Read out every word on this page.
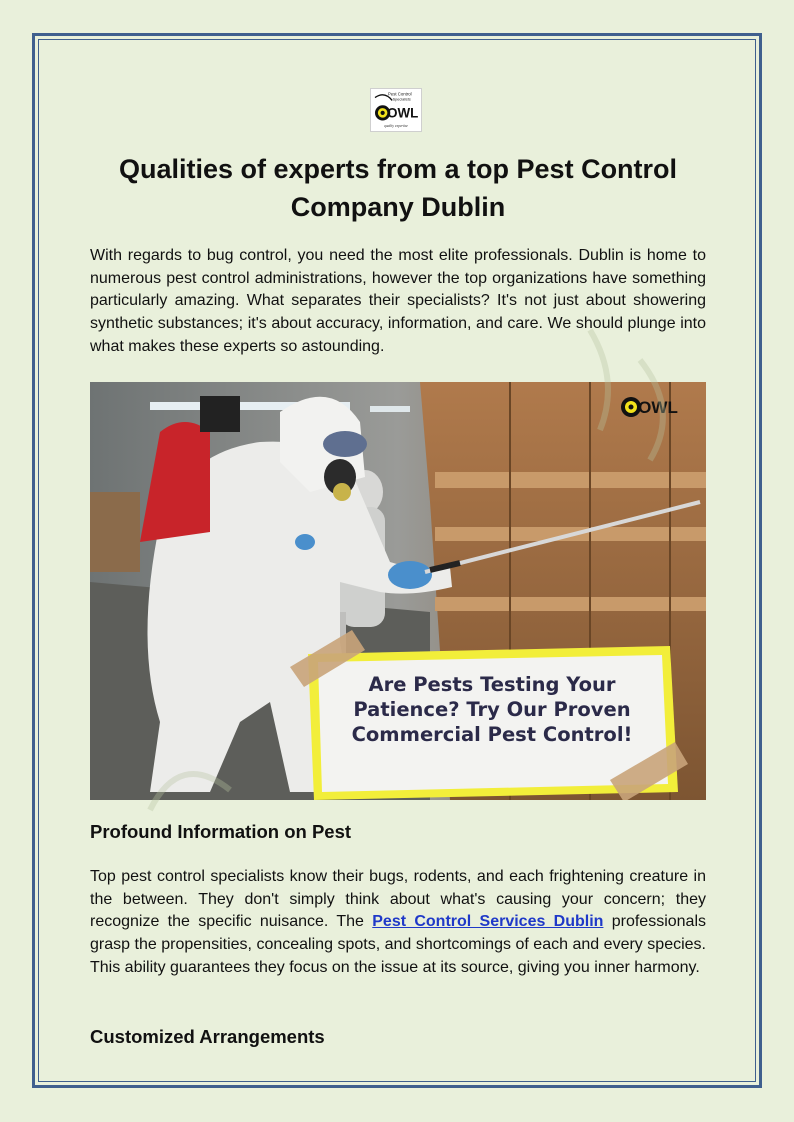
Pest Control
Specialists
OWL
quality expertise
Qualities of experts from a top Pest Control Company Dublin

With regards to bug control, you need the most elite professionals. Dublin is home to numerous pest control administrations, however the top organizations have something particularly amazing. What separates their specialists? It's not just about showering synthetic substances; it's about accuracy, information, and care. We should plunge into what makes these experts so astounding.

OWL
Are Pests Testing Your Patience? Try Our Proven Commercial Pest Control!
Profound Information on Pest

Top pest control specialists know their bugs, rodents, and each frightening creature in the between. They don't simply think about what's causing your concern; they recognize the specific nuisance. The Pest Control Services Dublin professionals grasp the propensities, concealing spots, and shortcomings of each and every species. This ability guarantees they focus on the issue at its source, giving you inner harmony.

Customized Arrangements
